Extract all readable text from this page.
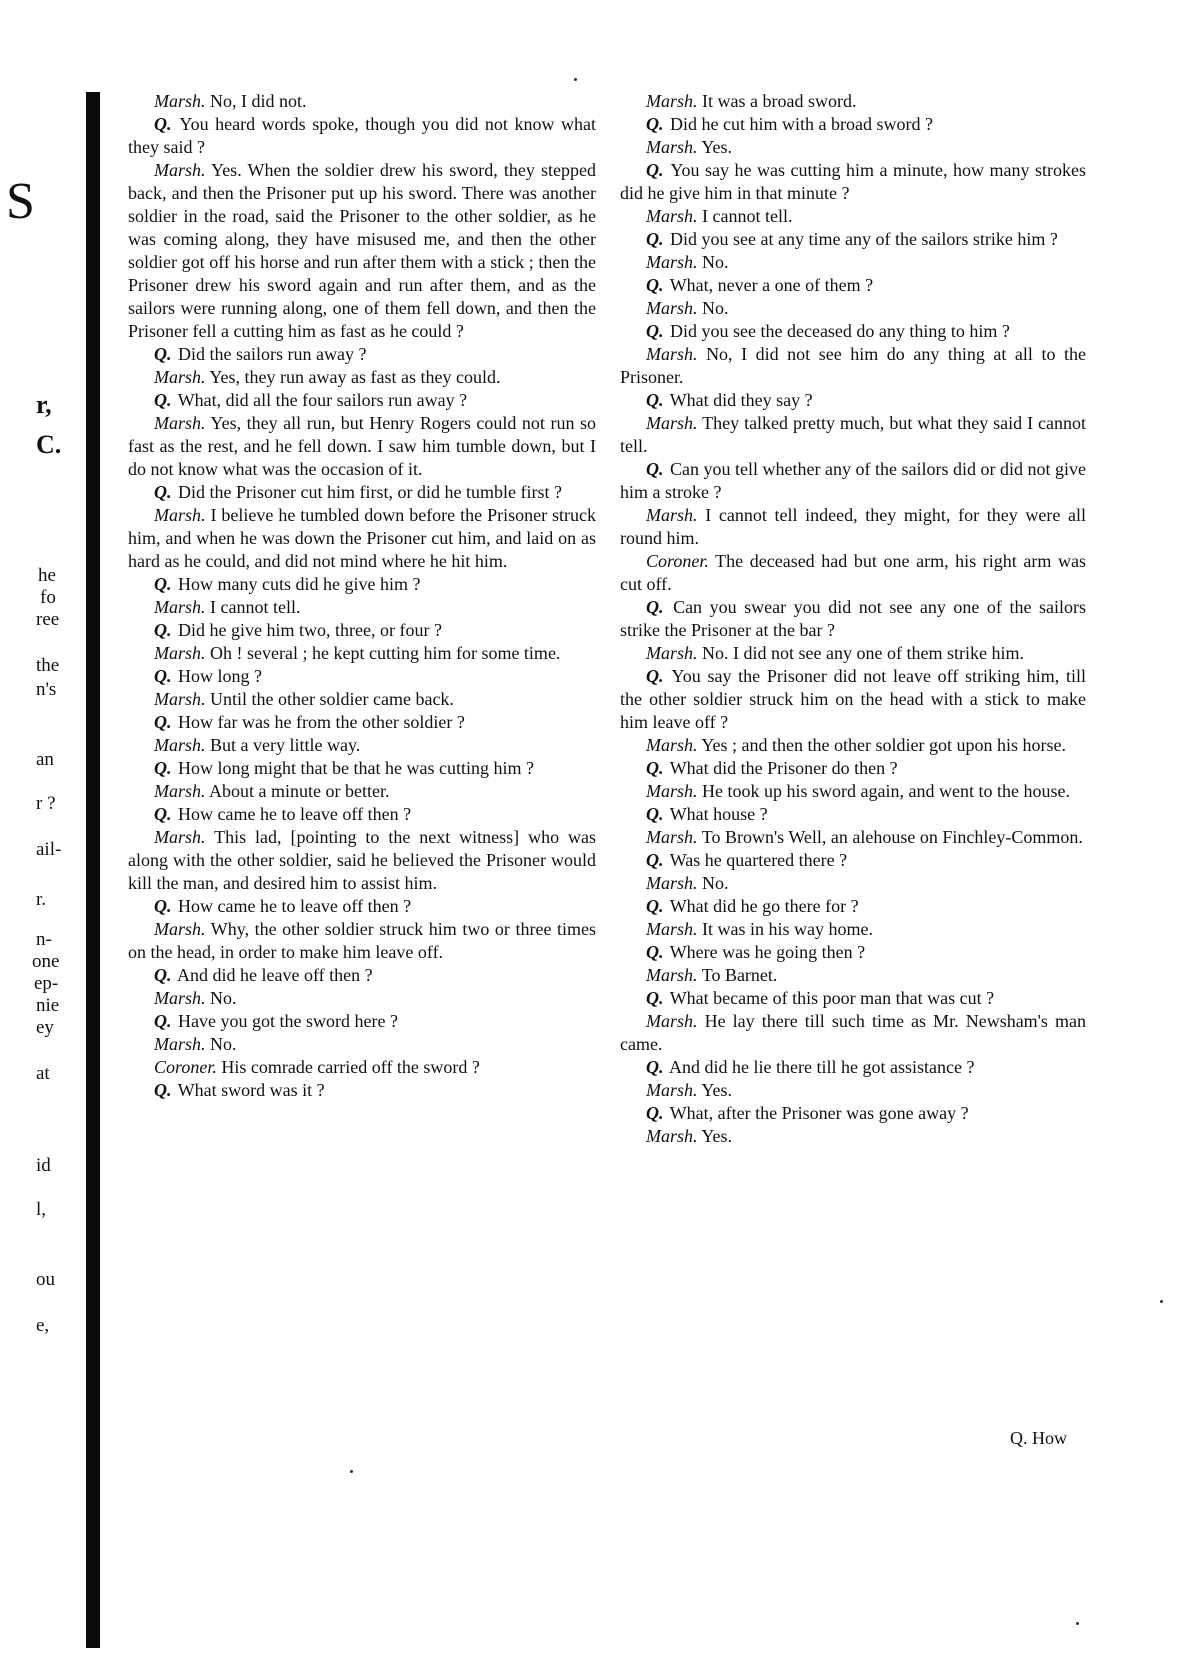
S
r,
C.
he
fo
ree
the
n's
an
r ?
ail-
r.
n-
one
ep-
nie
ey
at
id
l,
ou
e,

Marsh. No, I did not.

Q. You heard words spoke, though you did not know what they said ?

Marsh. Yes. When the soldier drew his sword, they stepped back, and then the Prisoner put up his sword. There was another soldier in the road, said the Prisoner to the other soldier, as he was coming along, they have misused me, and then the other soldier got off his horse and run after them with a stick ; then the Prisoner drew his sword again and run after them, and as the sailors were running along, one of them fell down, and then the Prisoner fell a cutting him as fast as he could ?

Q. Did the sailors run away ?

Marsh. Yes, they run away as fast as they could.

Q. What, did all the four sailors run away ?

Marsh. Yes, they all run, but Henry Rogers could not run so fast as the rest, and he fell down. I saw him tumble down, but I do not know what was the occasion of it.

Q. Did the Prisoner cut him first, or did he tumble first ?

Marsh. I believe he tumbled down before the Prisoner struck him, and when he was down the Prisoner cut him, and laid on as hard as he could, and did not mind where he hit him.

Q. How many cuts did he give him ?

Marsh. I cannot tell.

Q. Did he give him two, three, or four ?

Marsh. Oh ! several ; he kept cutting him for some time.

Q. How long ?

Marsh. Until the other soldier came back.

Q. How far was he from the other soldier ?

Marsh. But a very little way.

Q. How long might that be that he was cutting him ?

Marsh. About a minute or better.

Q. How came he to leave off then ?

Marsh. This lad, [pointing to the next witness] who was along with the other soldier, said he believed the Prisoner would kill the man, and desired him to assist him.

Q. How came he to leave off then ?

Marsh. Why, the other soldier struck him two or three times on the head, in order to make him leave off.

Q. And did he leave off then ?

Marsh. No.

Q. Have you got the sword here ?

Marsh. No.

Coroner. His comrade carried off the sword ?

Q. What sword was it ?

Marsh. It was a broad sword.

Q. Did he cut him with a broad sword ?

Marsh. Yes.

Q. You say he was cutting him a minute, how many strokes did he give him in that minute ?

Marsh. I cannot tell.

Q. Did you see at any time any of the sailors strike him ?

Marsh. No.

Q. What, never a one of them ?

Marsh. No.

Q. Did you see the deceased do any thing to him ?

Marsh. No, I did not see him do any thing at all to the Prisoner.

Q. What did they say ?

Marsh. They talked pretty much, but what they said I cannot tell.

Q. Can you tell whether any of the sailors did or did not give him a stroke ?

Marsh. I cannot tell indeed, they might, for they were all round him.

Coroner. The deceased had but one arm, his right arm was cut off.

Q. Can you swear you did not see any one of the sailors strike the Prisoner at the bar ?

Marsh. No. I did not see any one of them strike him.

Q. You say the Prisoner did not leave off striking him, till the other soldier struck him on the head with a stick to make him leave off ?

Marsh. Yes ; and then the other soldier got upon his horse.

Q. What did the Prisoner do then ?

Marsh. He took up his sword again, and went to the house.

Q. What house ?

Marsh. To Brown's Well, an alehouse on Finchley-Common.

Q. Was he quartered there ?

Marsh. No.

Q. What did he go there for ?

Marsh. It was in his way home.

Q. Where was he going then ?

Marsh. To Barnet.

Q. What became of this poor man that was cut ?

Marsh. He lay there till such time as Mr. Newsham's man came.

Q. And did he lie there till he got assistance ?

Marsh. Yes.

Q. What, after the Prisoner was gone away ?

Marsh. Yes.

Q. How
